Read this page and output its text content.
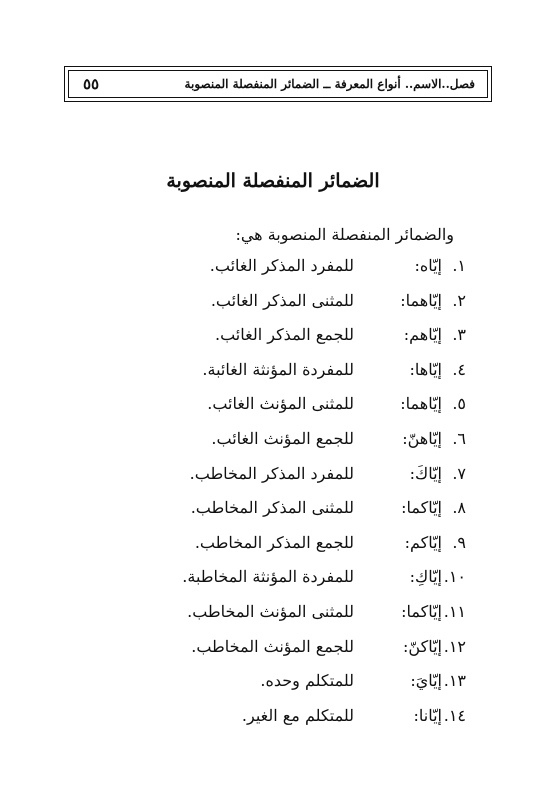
فصل..الاسم.. أنواع المعرفة ــ الضمائر المنفصلة المنصوبة
٥٥
الضمائر المنفصلة المنصوبة
والضمائر المنفصلة المنصوبة هي:
١.
إيّاه:
للمفرد المذكر الغائب.
٢.
إيّاهما:
للمثنى المذكر الغائب.
٣.
إيّاهم:
للجمع المذكر الغائب.
٤.
إيّاها:
للمفردة المؤنثة الغائبة.
٥.
إيّاهما:
للمثنى المؤنث الغائب.
٦.
إيّاهنّ:
للجمع المؤنث الغائب.
٧.
إيّاكَ:
للمفرد المذكر المخاطب.
٨.
إيّاكما:
للمثنى المذكر المخاطب.
٩.
إيّاكم:
للجمع المذكر المخاطب.
١٠.
إيّاكِ:
للمفردة المؤنثة المخاطبة.
١١.
إيّاكما:
للمثنى المؤنث المخاطب.
١٢.
إيّاكنّ:
للجمع المؤنث المخاطب.
١٣.
إيّايَ:
للمتكلم وحده.
١٤.
إيّانا:
للمتكلم مع الغير.
